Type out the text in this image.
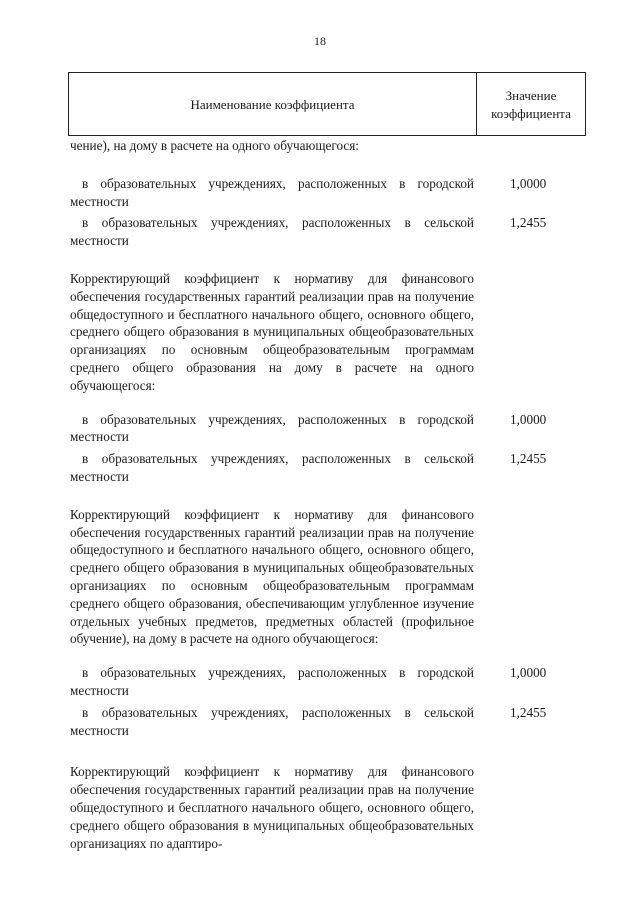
18
Наименование коэффициента
Значение
коэффициента
чение), на дому в расчете на одного обучающегося:
в образовательных учреждениях, расположенных в городской местности
1,0000
в образовательных учреждениях, расположенных в сельской местности
1,2455
Корректирующий коэффициент к нормативу для финансового обеспечения государственных гарантий реализации прав на получение общедоступного и бесплатного начального общего, основного общего, среднего общего образования в муниципальных общеобразовательных организациях по основным общеобразовательным программам среднего общего образования на дому в расчете на одного обучающегося:
в образовательных учреждениях, расположенных в городской местности
1,0000
в образовательных учреждениях, расположенных в сельской местности
1,2455
Корректирующий коэффициент к нормативу для финансового обеспечения государственных гарантий реализации прав на получение общедоступного и бесплатного начального общего, основного общего, среднего общего образования в муниципальных общеобразовательных организациях по основным общеобразовательным программам среднего общего образования, обеспечивающим углубленное изучение отдельных учебных предметов, предметных областей (профильное обучение), на дому в расчете на одного обучающегося:
в образовательных учреждениях, расположенных в городской местности
1,0000
в образовательных учреждениях, расположенных в сельской местности
1,2455
Корректирующий коэффициент к нормативу для финансового обеспечения государственных гарантий реализации прав на получение общедоступного и бесплатного начального общего, основного общего, среднего общего образования в муниципальных общеобразовательных организациях по адаптиро-
